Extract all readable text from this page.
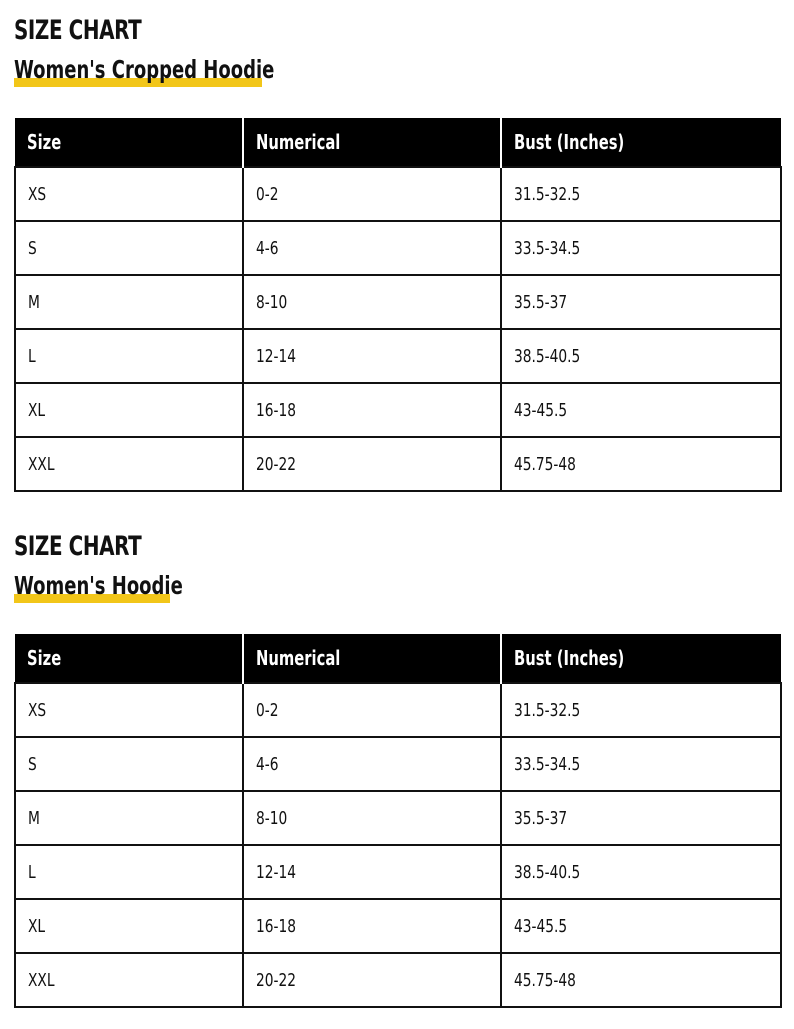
SIZE CHART
Women's Cropped Hoodie
Size	Numerical	Bust (Inches)
XS	0-2	31.5-32.5
S	4-6	33.5-34.5
M	8-10	35.5-37
L	12-14	38.5-40.5
XL	16-18	43-45.5
XXL	20-22	45.75-48
SIZE CHART
Women's Hoodie
Size	Numerical	Bust (Inches)
XS	0-2	31.5-32.5
S	4-6	33.5-34.5
M	8-10	35.5-37
L	12-14	38.5-40.5
XL	16-18	43-45.5
XXL	20-22	45.75-48
